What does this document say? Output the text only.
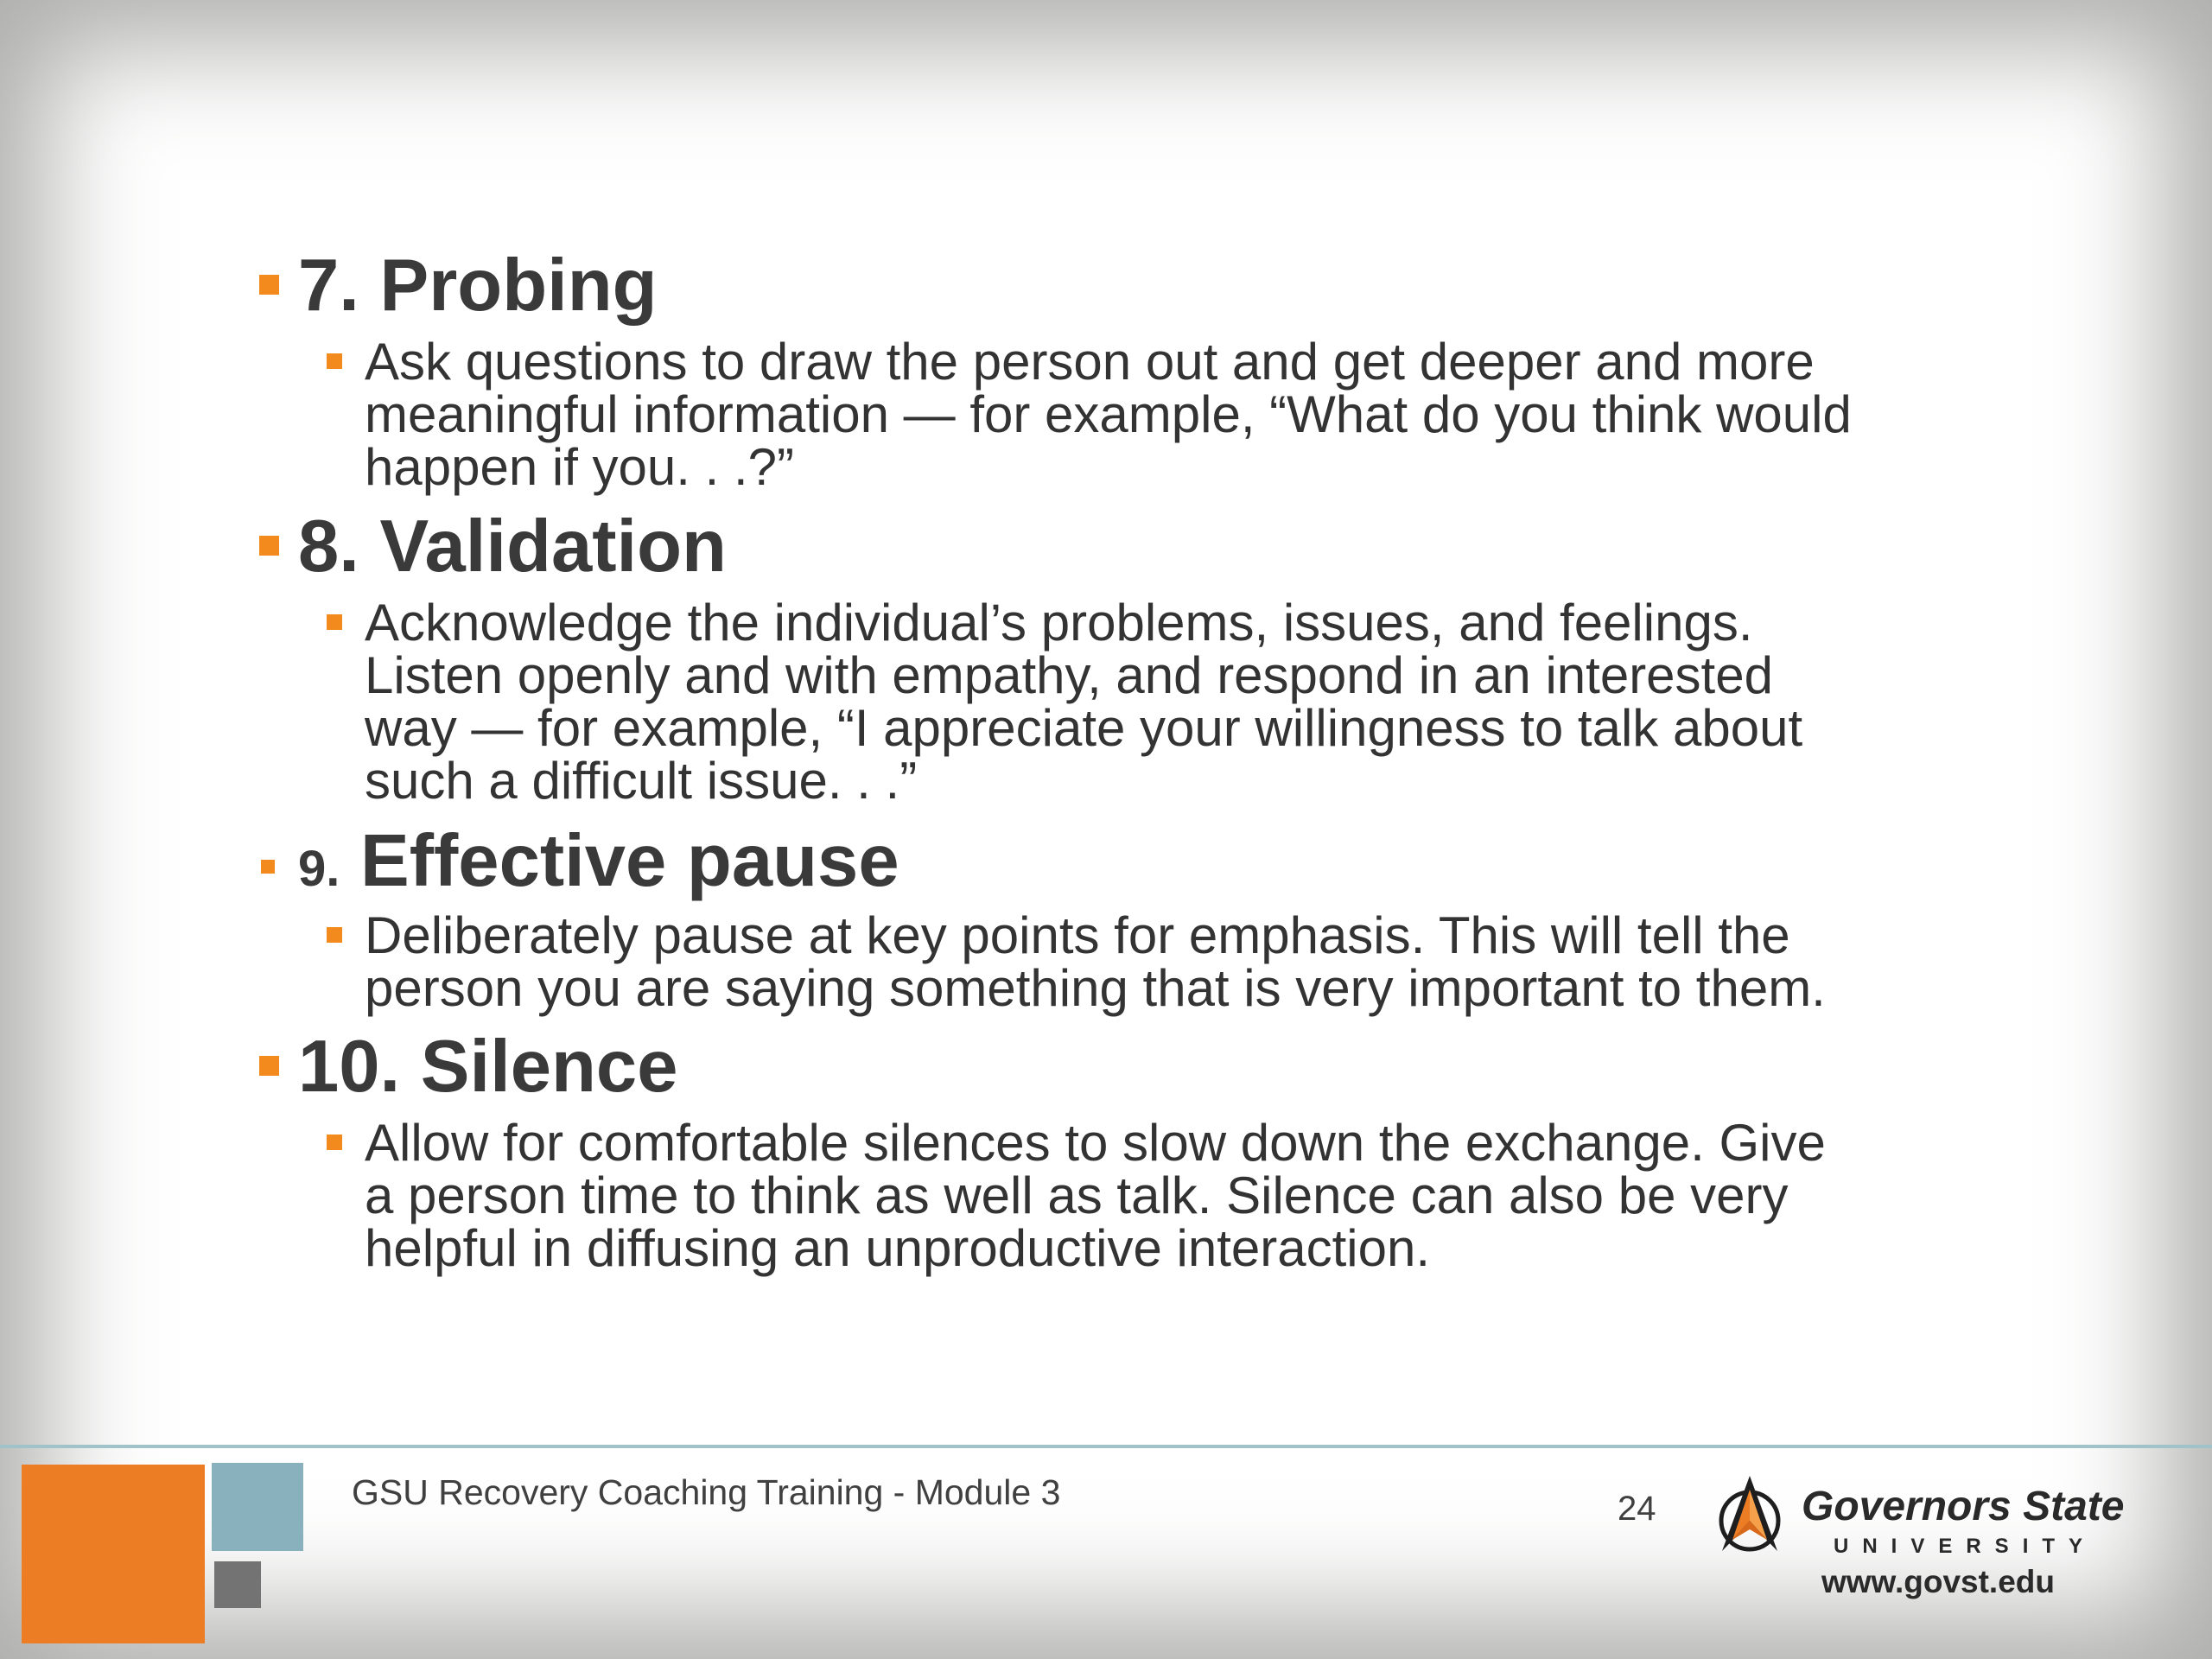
7. Probing
Ask questions to draw the person out and get deeper and more
meaningful information — for example, “What do you think would
happen if you. . .?”
8. Validation
Acknowledge the individual’s problems, issues, and feelings.
Listen openly and with empathy, and respond in an interested
way — for example, “I appreciate your willingness to talk about
such a difficult issue. . .”
9. Effective pause
Deliberately pause at key points for emphasis. This will tell the
person you are saying something that is very important to them.
10. Silence
Allow for comfortable silences to slow down the exchange. Give
a person time to think as well as talk. Silence can also be very
helpful in diffusing an unproductive interaction.
GSU Recovery Coaching Training - Module 3	24	Governors State
UNIVERSITY
www.govst.edu
